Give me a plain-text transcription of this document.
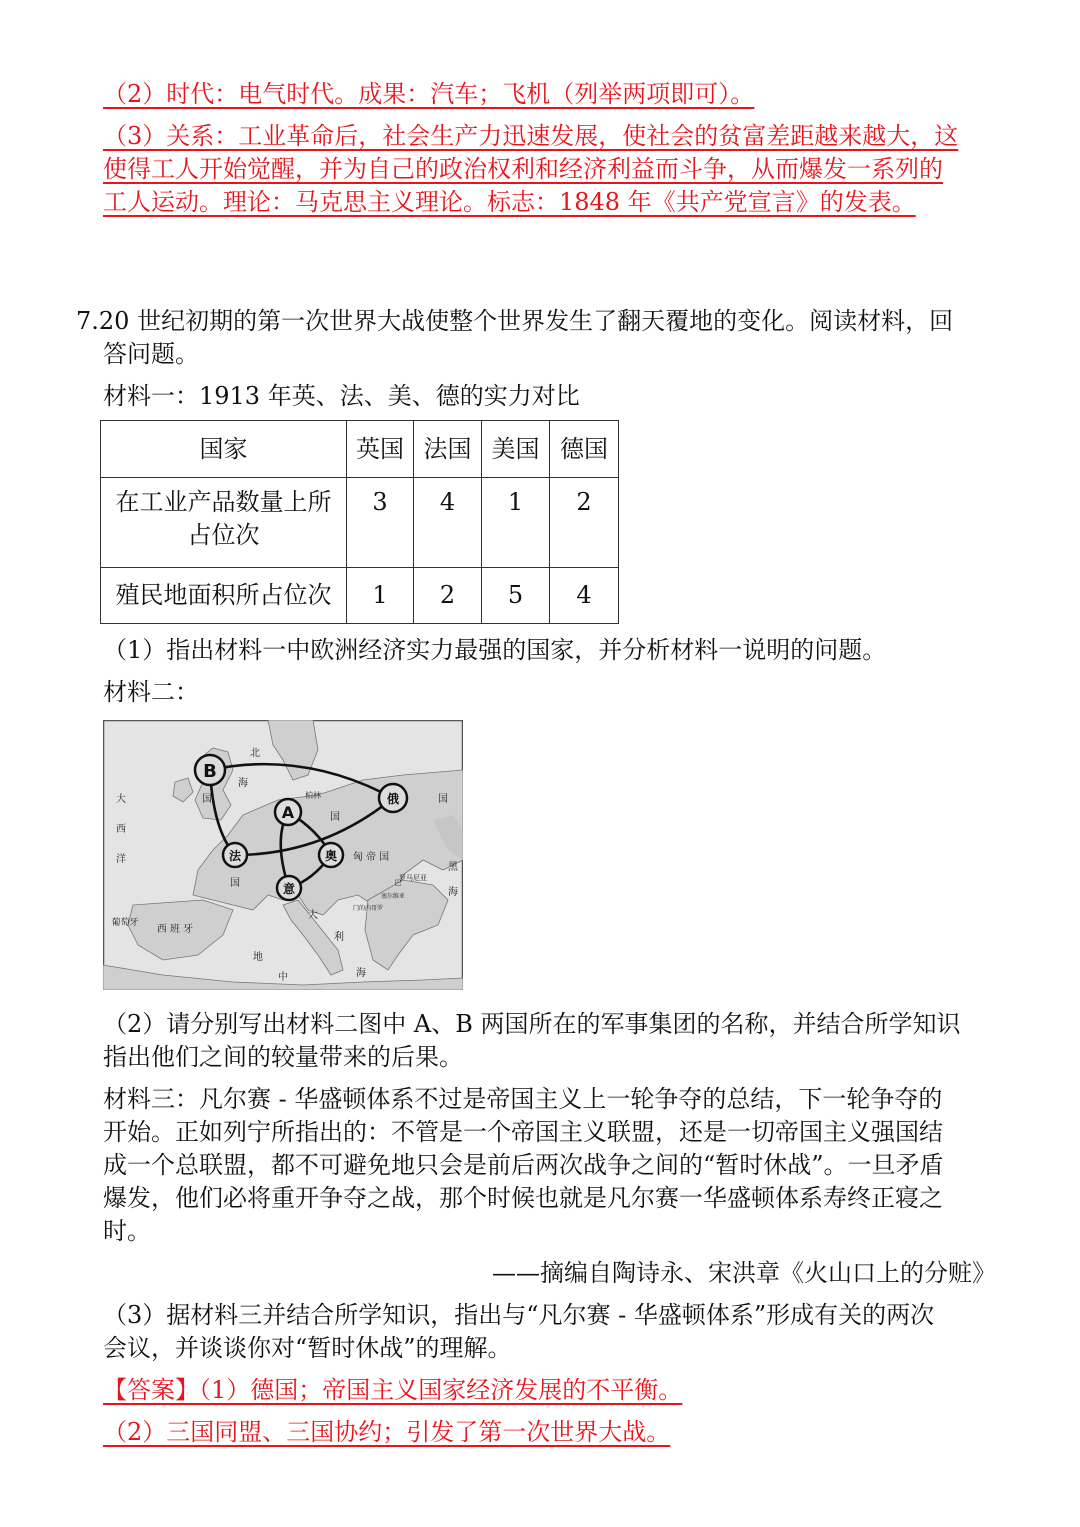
（2）时代：电气时代。成果：汽车；飞机（列举两项即可）。
（3）关系：工业革命后，社会生产力迅速发展，使社会的贫富差距越来越大，这
使得工人开始觉醒，并为自己的政治权利和经济利益而斗争，从而爆发一系列的
工人运动。理论：马克思主义理论。标志：1848 年《共产党宣言》的发表。
7.20 世纪初期的第一次世界大战使整个世界发生了翻天覆地的变化。阅读材料，回
答问题。
材料一：1913 年英、法、美、德的实力对比
国家	英国	法国	美国	德国

在工业产品数量上所
占位次	3	4	1	2
殖民地面积所占位次	1	2	5	4
（1）指出材料一中欧洲经济实力最强的国家，并分析材料一说明的问题。
材料二：
B
A
法	奥
意
俄
北
海
国
大
西
洋
柏林
国
匈 帝 国
国
国
葡萄牙
西 班 牙
大
利
地
海
中
罗马尼亚
黑
海
巴
门的内哥罗
塞尔维亚
（2）请分别写出材料二图中 A、B 两国所在的军事集团的名称，并结合所学知识
指出他们之间的较量带来的后果。
材料三：凡尔赛 - 华盛顿体系不过是帝国主义上一轮争夺的总结，下一轮争夺的
开始。正如列宁所指出的：不管是一个帝国主义联盟，还是一切帝国主义强国结
成一个总联盟，都不可避免地只会是前后两次战争之间的“暂时休战”。一旦矛盾
爆发，他们必将重开争夺之战，那个时候也就是凡尔赛一华盛顿体系寿终正寝之
时。
——摘编自陶诗永、宋洪章《火山口上的分赃》
（3）据材料三并结合所学知识，指出与“凡尔赛 - 华盛顿体系”形成有关的两次
会议，并谈谈你对“暂时休战”的理解。
【答案】（1）德国；帝国主义国家经济发展的不平衡。
（2）三国同盟、三国协约；引发了第一次世界大战。
